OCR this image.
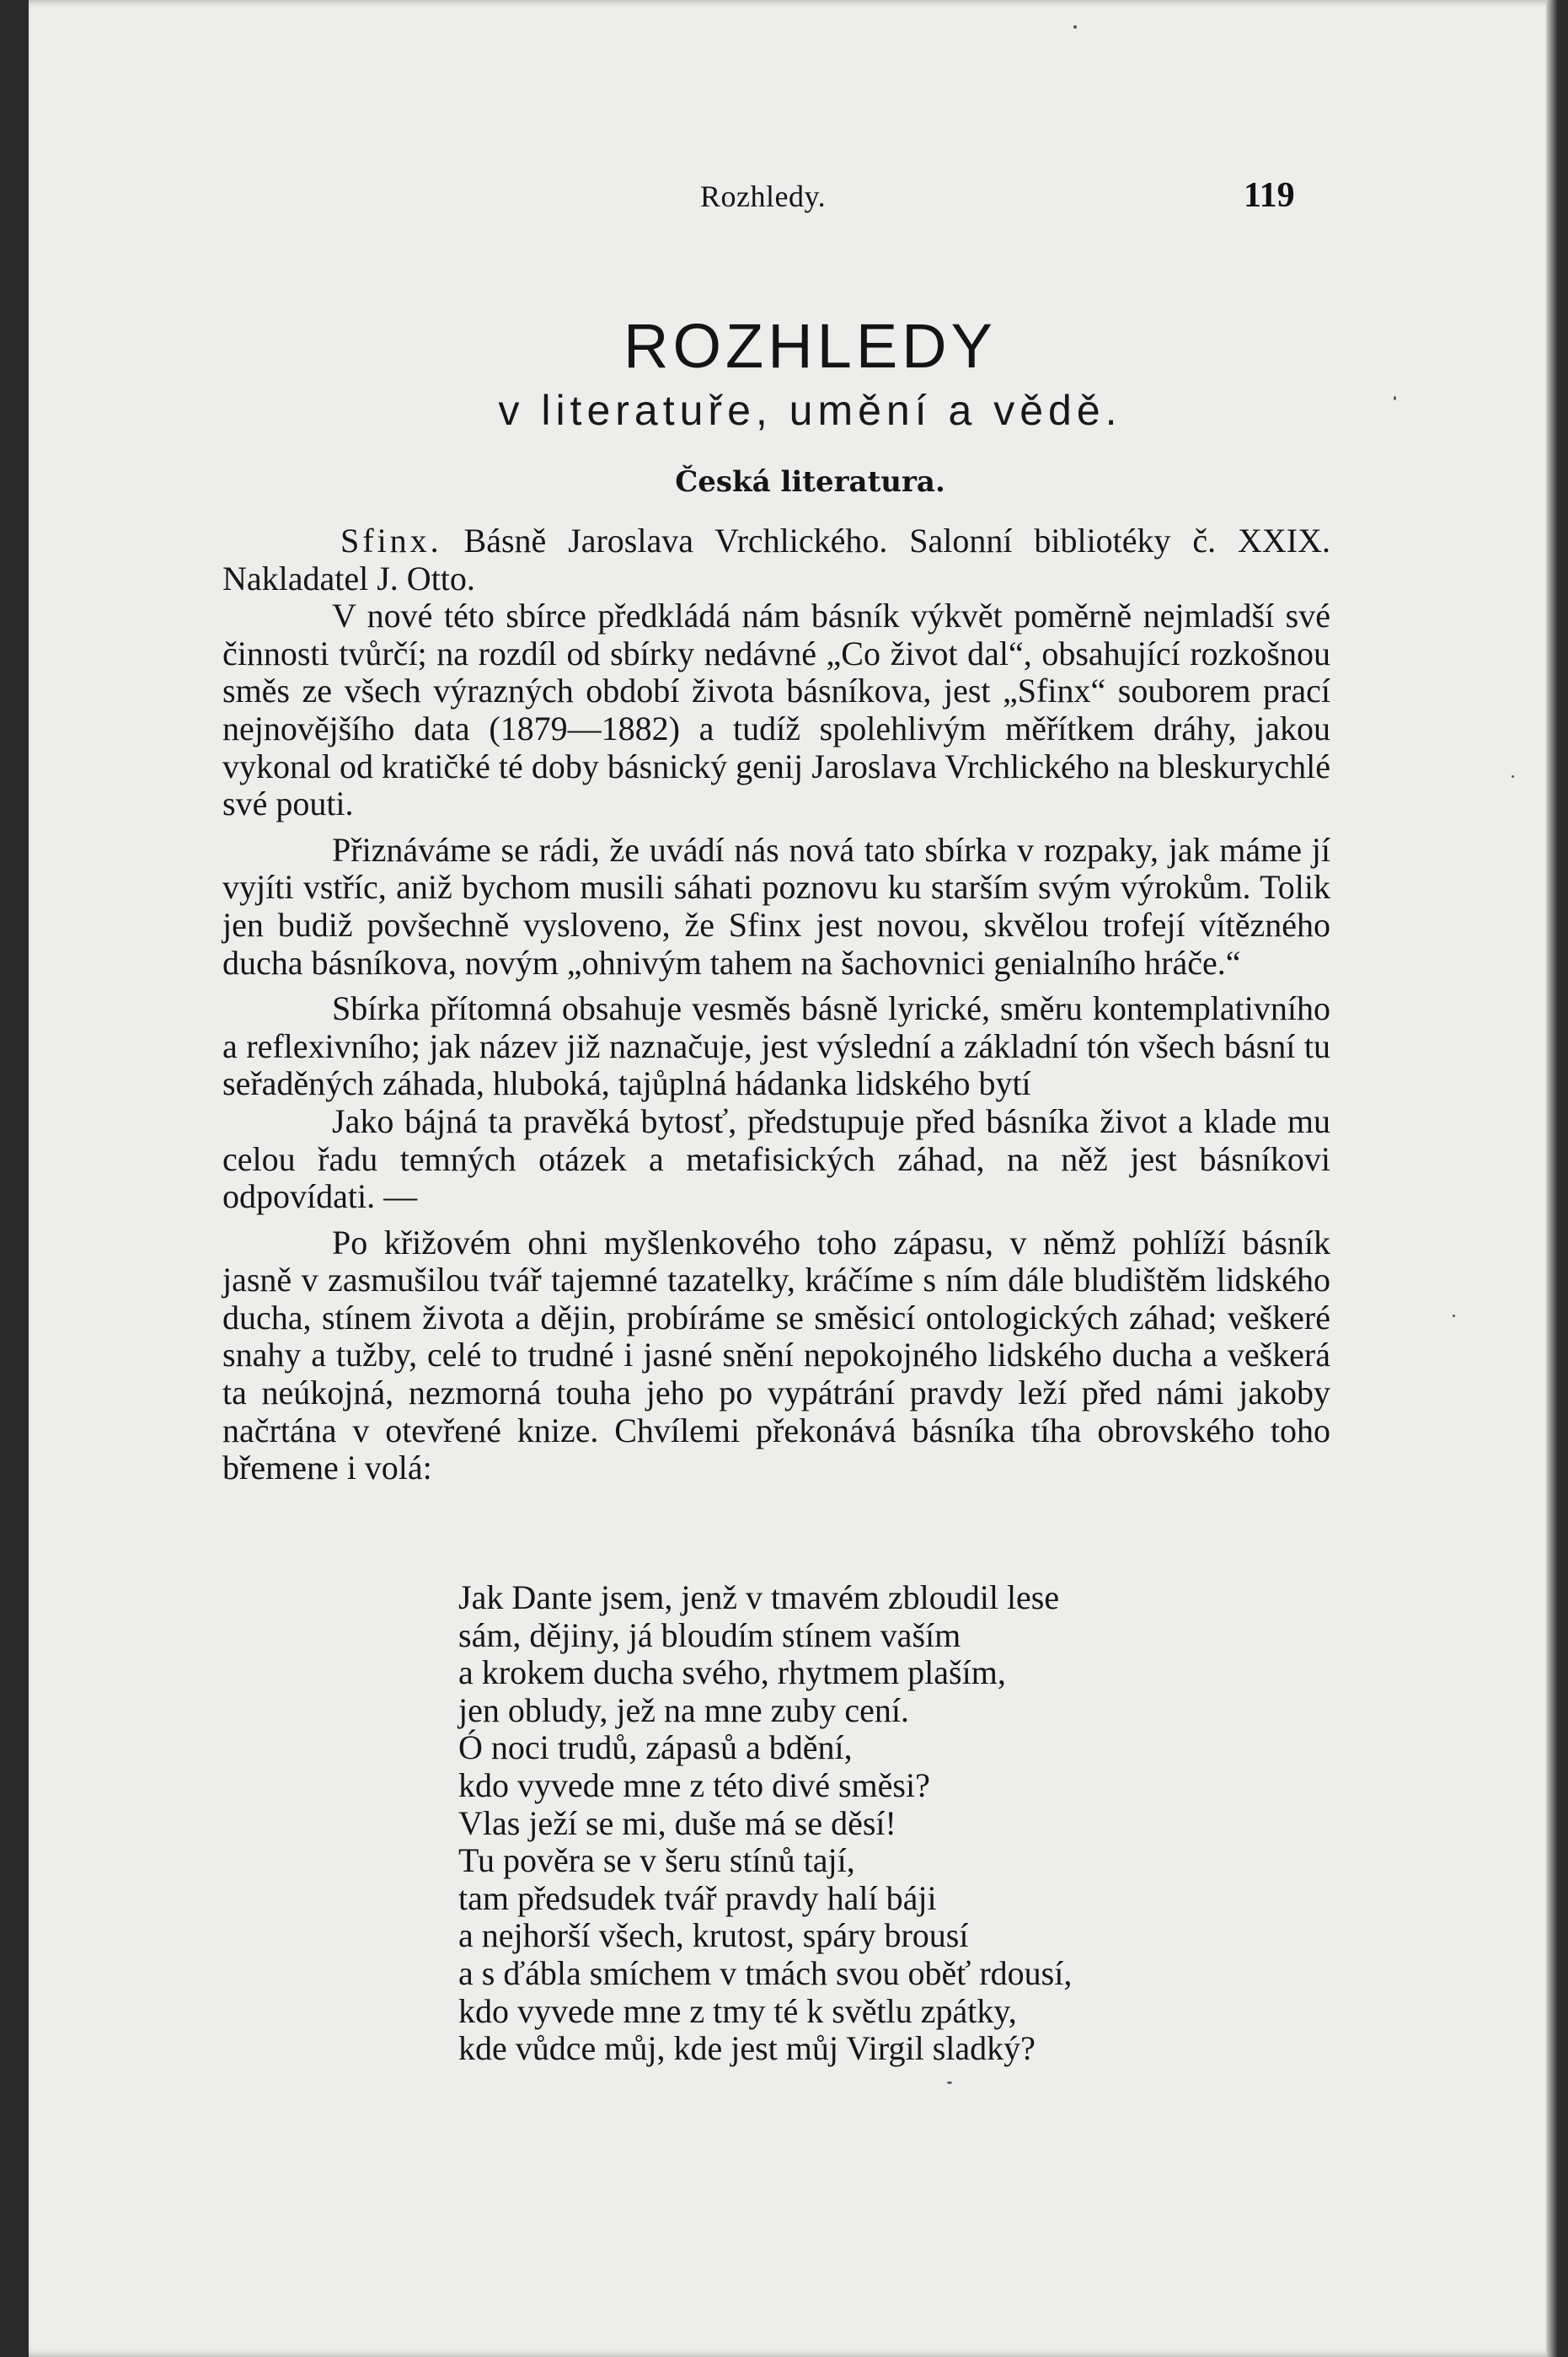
Rozhledy.	119
ROZHLEDY
v literatuře, umění a vědě.
Česká literatura.

Sfinx. Básně Jaroslava Vrchlického. Salonní bibliotéky č. XXIX. Nakladatel J. Otto.

V nové této sbírce předkládá nám básník výkvět poměrně nejmladší své činnosti tvůrčí; na rozdíl od sbírky nedávné „Co život dal“, obsahující rozkošnou směs ze všech výrazných období života básníkova, jest „Sfinx“ souborem prací nejnovějšího data (1879—1882) a tudíž spolehlivým měřítkem dráhy, jakou vykonal od kratičké té doby básnický genij Jaroslava Vrchlického na bleskurychlé své pouti.

Přiznáváme se rádi, že uvádí nás nová tato sbírka v rozpaky, jak máme jí vyjíti vstříc, aniž bychom musili sáhati poznovu ku starším svým výrokům. Tolik jen budiž povšechně vysloveno, že Sfinx jest novou, skvělou trofejí vítězného ducha básníkova, novým „ohnivým tahem na šachovnici genialního hráče.“

Sbírka přítomná obsahuje vesměs básně lyrické, směru kontemplativního a reflexivního; jak název již naznačuje, jest výslední a základní tón všech básní tu seřaděných záhada, hluboká, tajůplná hádanka lidského bytí

Jako bájná ta pravěká bytosť, předstupuje před básníka život a klade mu celou řadu temných otázek a metafisických záhad, na něž jest básníkovi odpovídati. —

Po křižovém ohni myšlenkového toho zápasu, v němž pohlíží básník jasně v zasmušilou tvář tajemné tazatelky, kráčíme s ním dále bludištěm lidského ducha, stínem života a dějin, probíráme se směsicí ontologických záhad; veškeré snahy a tužby, celé to trudné i jasné snění nepokojného lidského ducha a veškerá ta neúkojná, nezmorná touha jeho po vypátrání pravdy leží před námi jakoby načrtána v otevřené knize. Chvílemi překonává básníka tíha obrovského toho břemene i volá:

Jak Dante jsem, jenž v tmavém zbloudil lese
sám, dějiny, já bloudím stínem vaším
a krokem ducha svého, rhytmem plaším,
jen obludy, jež na mne zuby cení.
Ó noci trudů, zápasů a bdění,
kdo vyvede mne z této divé směsi?
Vlas ježí se mi, duše má se děsí!
Tu pověra se v šeru stínů tají,
tam předsudek tvář pravdy halí báji
a nejhorší všech, krutost, spáry brousí
a s ďábla smíchem v tmách svou oběť rdousí,
kdo vyvede mne z tmy té k světlu zpátky,
kde vůdce můj, kde jest můj Virgil sladký?
